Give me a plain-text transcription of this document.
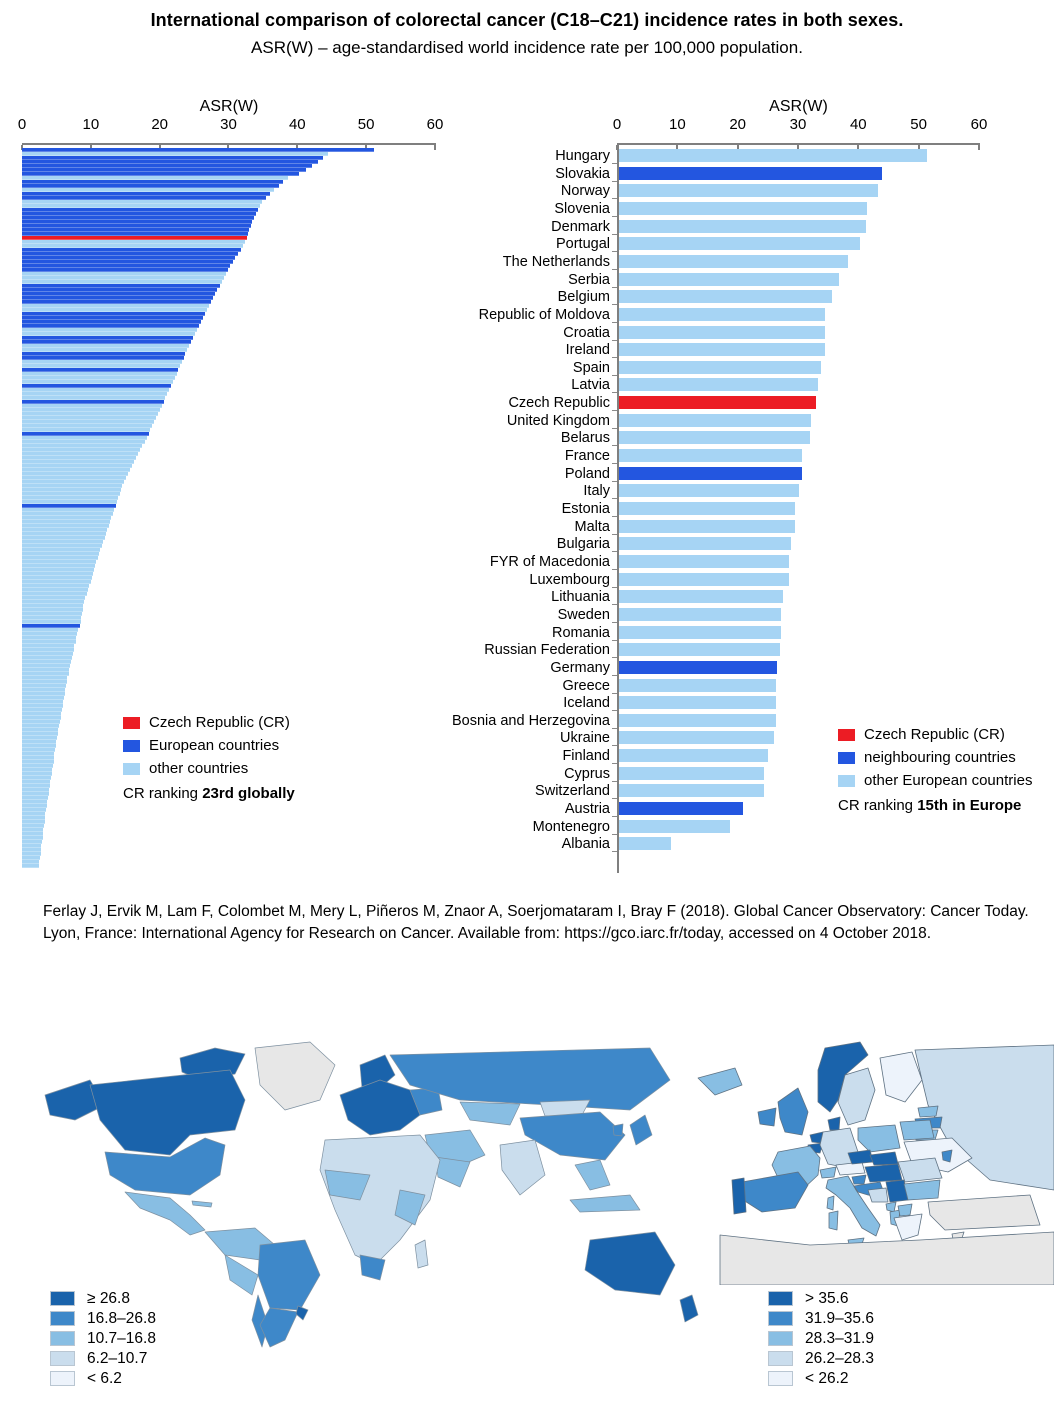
International comparison of colorectal cancer (C18–C21) incidence rates in both sexes.
ASR(W) – age-standardised world incidence rate per 100,000 population.
ASR(W)
0	10	20	30	40	50	60
Czech Republic (CR)
European countries
other countries
CR ranking 23rd globally
ASR(W)
0	10	20	30	40	50	60
Hungary
Slovakia
Norway
Slovenia
Denmark
Portugal
The Netherlands
Serbia
Belgium
Republic of Moldova
Croatia
Ireland
Spain
Latvia
Czech Republic
United Kingdom
Belarus
France
Poland
Italy
Estonia
Malta
Bulgaria
FYR of Macedonia
Luxembourg
Lithuania
Sweden
Romania
Russian Federation
Germany
Greece
Iceland
Bosnia and Herzegovina
Ukraine
Finland
Cyprus
Switzerland
Austria
Montenegro
Albania
Czech Republic (CR)
neighbouring countries
other European countries
CR ranking 15th in Europe
Ferlay J, Ervik M, Lam F, Colombet M, Mery L, Piñeros M, Znaor A, Soerjomataram I, Bray F (2018). Global Cancer Observatory: Cancer Today. Lyon, France: International Agency for Research on Cancer. Available from: https://gco.iarc.fr/today, accessed on 4 October 2018.
≥ 26.8
16.8–26.8
10.7–16.8
6.2–10.7
< 6.2
> 35.6
31.9–35.6
28.3–31.9
26.2–28.3
< 26.2
